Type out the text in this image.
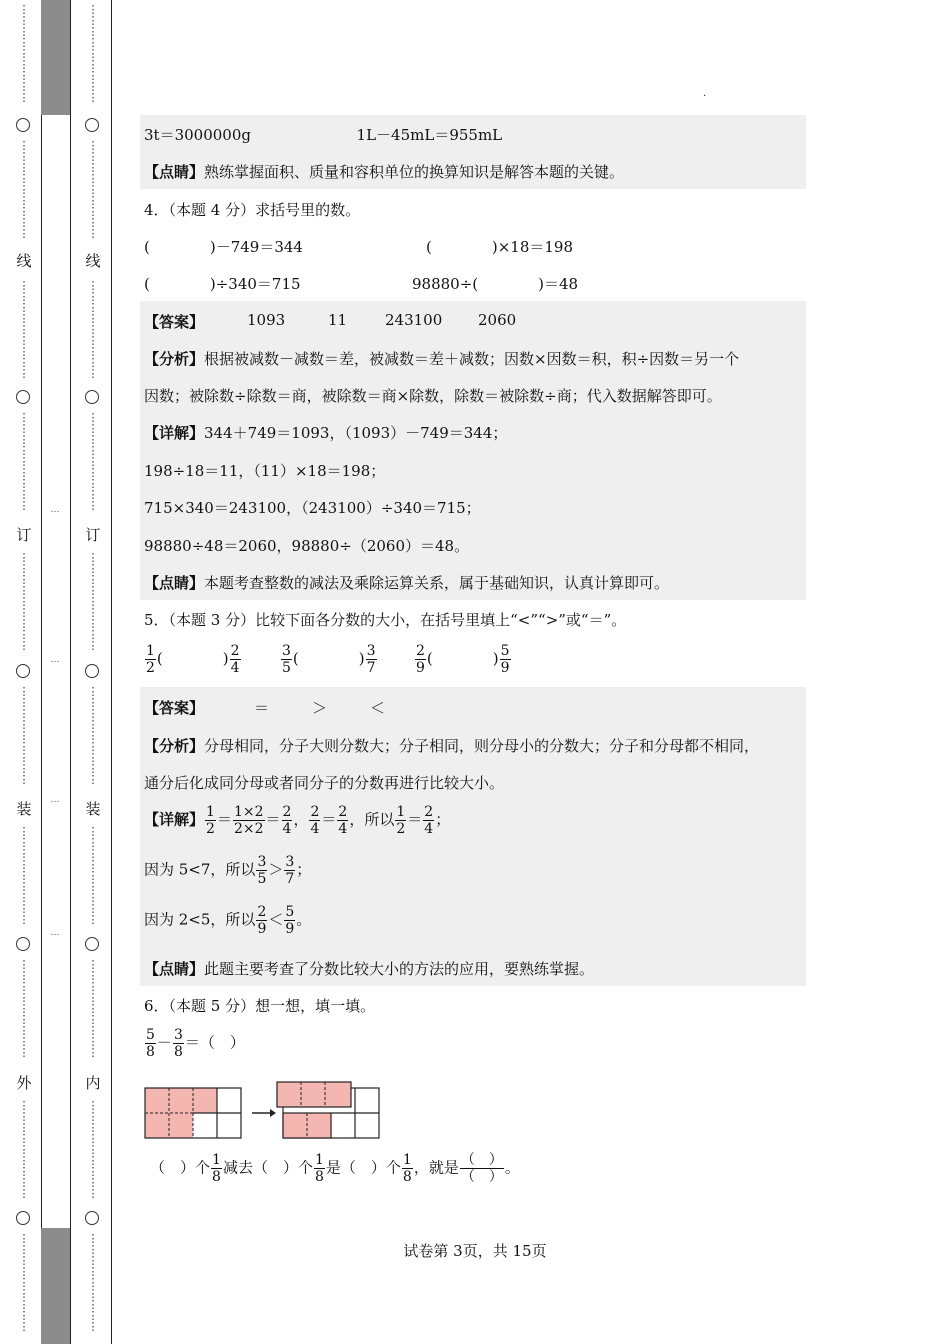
…
…
…
…
⋮
⋮
⋮
⋮
⋮
⋮
⋮
⋮
⋮
⋮
⋮
⋮
⋮
⋮
⋮
⋮
⋮
⋮
线
⋮
⋮
⋮
⋮
⋮
⋮
⋮
⋮
⋮
⋮
⋮
⋮
⋮
⋮
⋮
⋮
⋮
⋮
订
⋮
⋮
⋮
⋮
⋮
⋮
⋮
⋮
⋮
⋮
⋮
⋮
⋮
⋮
⋮
⋮
⋮
⋮
装
⋮
⋮
⋮
⋮
⋮
⋮
⋮
⋮
⋮
⋮
⋮
⋮
⋮
⋮
⋮
⋮
⋮
⋮
外
⋮
⋮
⋮
⋮
⋮
⋮
⋮
⋮
⋮
⋮
⋮
⋮
⋮
⋮
⋮
⋮
⋮
⋮
⋮
⋮
⋮
⋮
⋮
⋮
⋮
⋮
⋮
⋮
⋮
⋮
⋮
⋮
⋮
⋮
⋮
⋮
线
⋮
⋮
⋮
⋮
⋮
⋮
⋮
⋮
⋮
⋮
⋮
⋮
⋮
⋮
⋮
⋮
⋮
⋮
订
⋮
⋮
⋮
⋮
⋮
⋮
⋮
⋮
⋮
⋮
⋮
⋮
⋮
⋮
⋮
⋮
⋮
⋮
装
⋮
⋮
⋮
⋮
⋮
⋮
⋮
⋮
⋮
⋮
⋮
⋮
⋮
⋮
⋮
⋮
⋮
⋮
内
⋮
⋮
⋮
⋮
⋮
⋮
⋮
⋮
⋮
⋮
⋮
⋮
⋮
⋮
⋮
⋮
⋮
⋮
.
3t＝3000000g	1L－45mL＝955mL
【点睛】熟练掌握面积、质量和容积单位的换算知识是解答本题的关键。
4．（本题 4 分）求括号里的数。
(　　　　)－749＝344	(　　　　)×18＝198
(　　　　)÷340＝715	98880÷(　　　　)＝48
【答案】	1093	11	243100 2060
【分析】根据被减数－减数＝差，被减数＝差＋减数；因数×因数＝积，积÷因数＝另一个
因数；被除数÷除数＝商，被除数＝商×除数，除数＝被除数÷商；代入数据解答即可。
【详解】344＋749＝1093，（1093）－749＝344；
198÷18＝11，（11）×18＝198；
715×340＝243100，（243100）÷340＝715；
98880÷48＝2060，98880÷（2060）＝48。
【点睛】本题考查整数的减法及乘除运算关系，属于基础知识，认真计算即可。
5．（本题 3 分）比较下面各分数的大小，在括号里填上“<”“>”或“＝”。
$\frac{1}{2}$ (　　　　) $\frac{2}{4}$	$\frac{3}{5}$ (　　　　) $\frac{3}{7}$	$\frac{2}{9}$ (　　　　) $\frac{5}{9}$
【答案】	＝	＞	＜
【分析】分母相同，分子大则分数大；分子相同，则分母小的分数大；分子和分母都不相同，
通分后化成同分母或者同分子的分数再进行比较大小。
【详解】 $\frac{1}{2} = \frac{1\times 2}{2\times 2} = \frac{2}{4}$ ， $\frac{2}{4} = \frac{2}{4}$ ，所以 $\frac{1}{2} = \frac{2}{4}$ ；
因为 5<7，所以 $\frac{3}{5} > \frac{3}{7}$ ；
因为 2<5，所以 $\frac{2}{9} < \frac{5}{9}$ 。
【点睛】此题主要考查了分数比较大小的方法的应用，要熟练掌握。
6．（本题 5 分）想一想，填一填。
$\frac{5}{8} - \frac{3}{8}$ ＝（　）
（　）个 $\frac{1}{8}$ 减去（　）个 $\frac{1}{8}$ 是（　）个 $\frac{1}{8}$ ，就是 $\frac{( )}{( )}$ 。
试卷第 3页，共 15页
